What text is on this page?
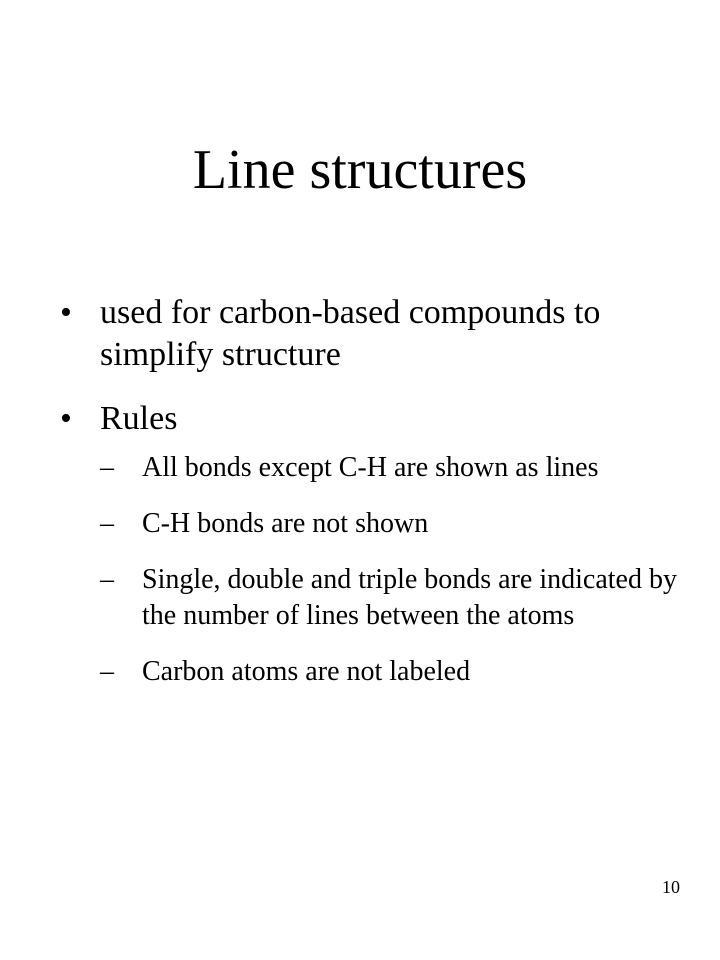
Line structures
• used for carbon-based compounds to simplify structure
• Rules
–	All bonds except C-H are shown as lines
–	C-H bonds are not shown
–	Single, double and triple bonds are indicated by the number of lines between the atoms
–	Carbon atoms are not labeled
10
